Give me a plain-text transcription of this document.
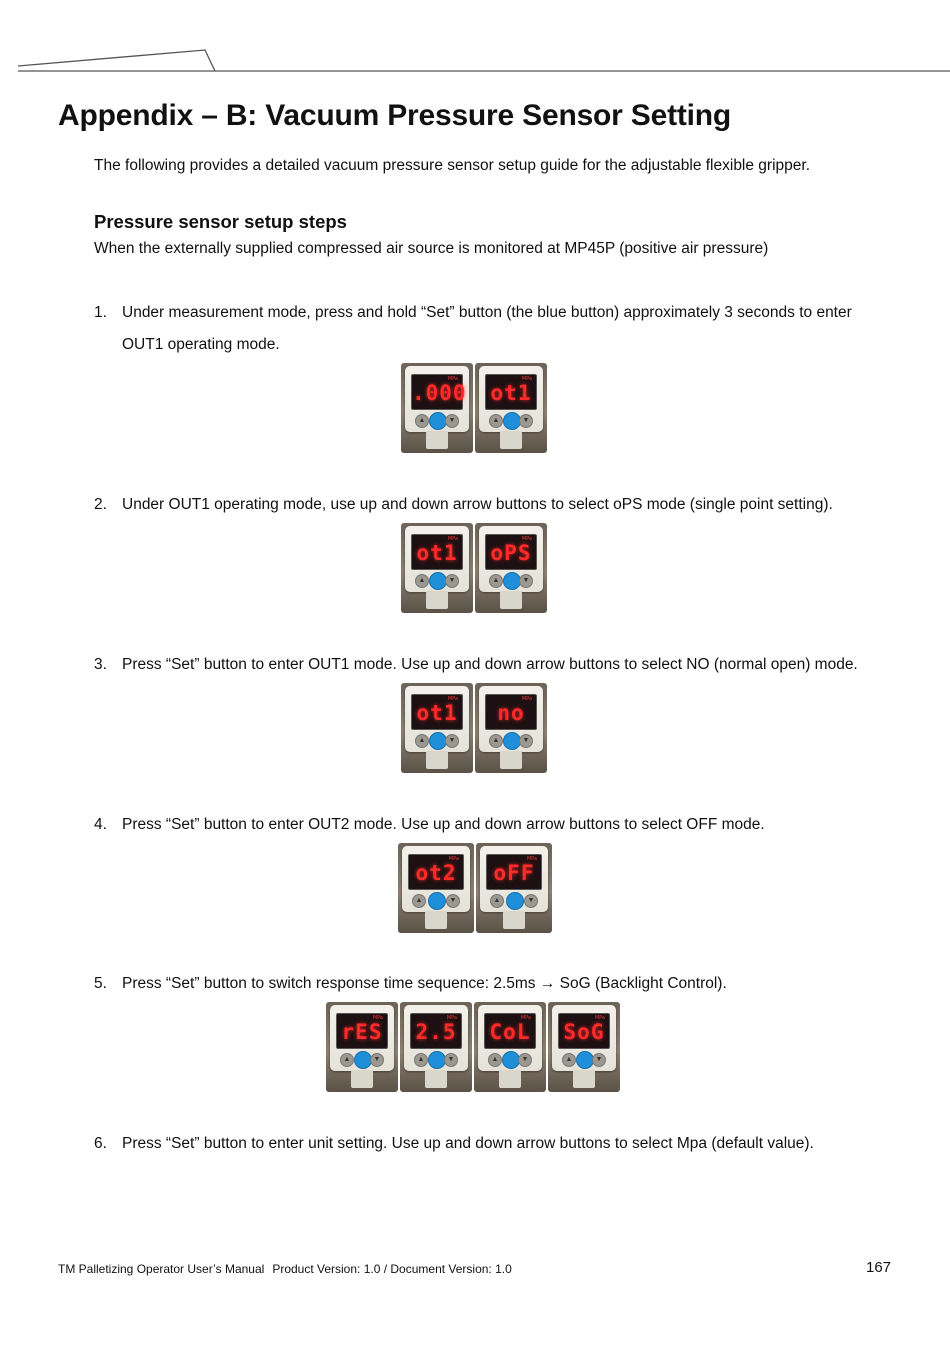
Appendix – B: Vacuum Pressure Sensor Setting
The following provides a detailed vacuum pressure sensor setup guide for the adjustable flexible gripper.
Pressure sensor setup steps
When the externally supplied compressed air source is monitored at MP45P (positive air pressure)
1. Under measurement mode, press and hold “Set” button (the blue button) approximately 3 seconds to enter OUT1 operating mode.
MPa
.000
▲	▼
MPa
ot1
▲	▼
2. Under OUT1 operating mode, use up and down arrow buttons to select oPS mode (single point setting).
MPa
ot1
▲	▼
MPa
oPS
▲	▼
3. Press “Set” button to enter OUT1 mode. Use up and down arrow buttons to select NO (normal open) mode.
MPa
ot1
▲	▼
MPa
no
▲	▼
4. Press “Set” button to enter OUT2 mode. Use up and down arrow buttons to select OFF mode.
MPa
ot2
▲	▼
MPa
oFF
▲	▼
5. Press “Set” button to switch response time sequence: 2.5ms → SoG (Backlight Control).
MPa
rES
▲	▼
MPa
2.5
▲	▼
MPa
CoL
▲	▼
MPa
SoG
▲	▼
6. Press “Set” button to enter unit setting. Use up and down arrow buttons to select Mpa (default value).
TM Palletizing Operator User’s Manual Product Version: 1.0 / Document Version: 1.0	167
